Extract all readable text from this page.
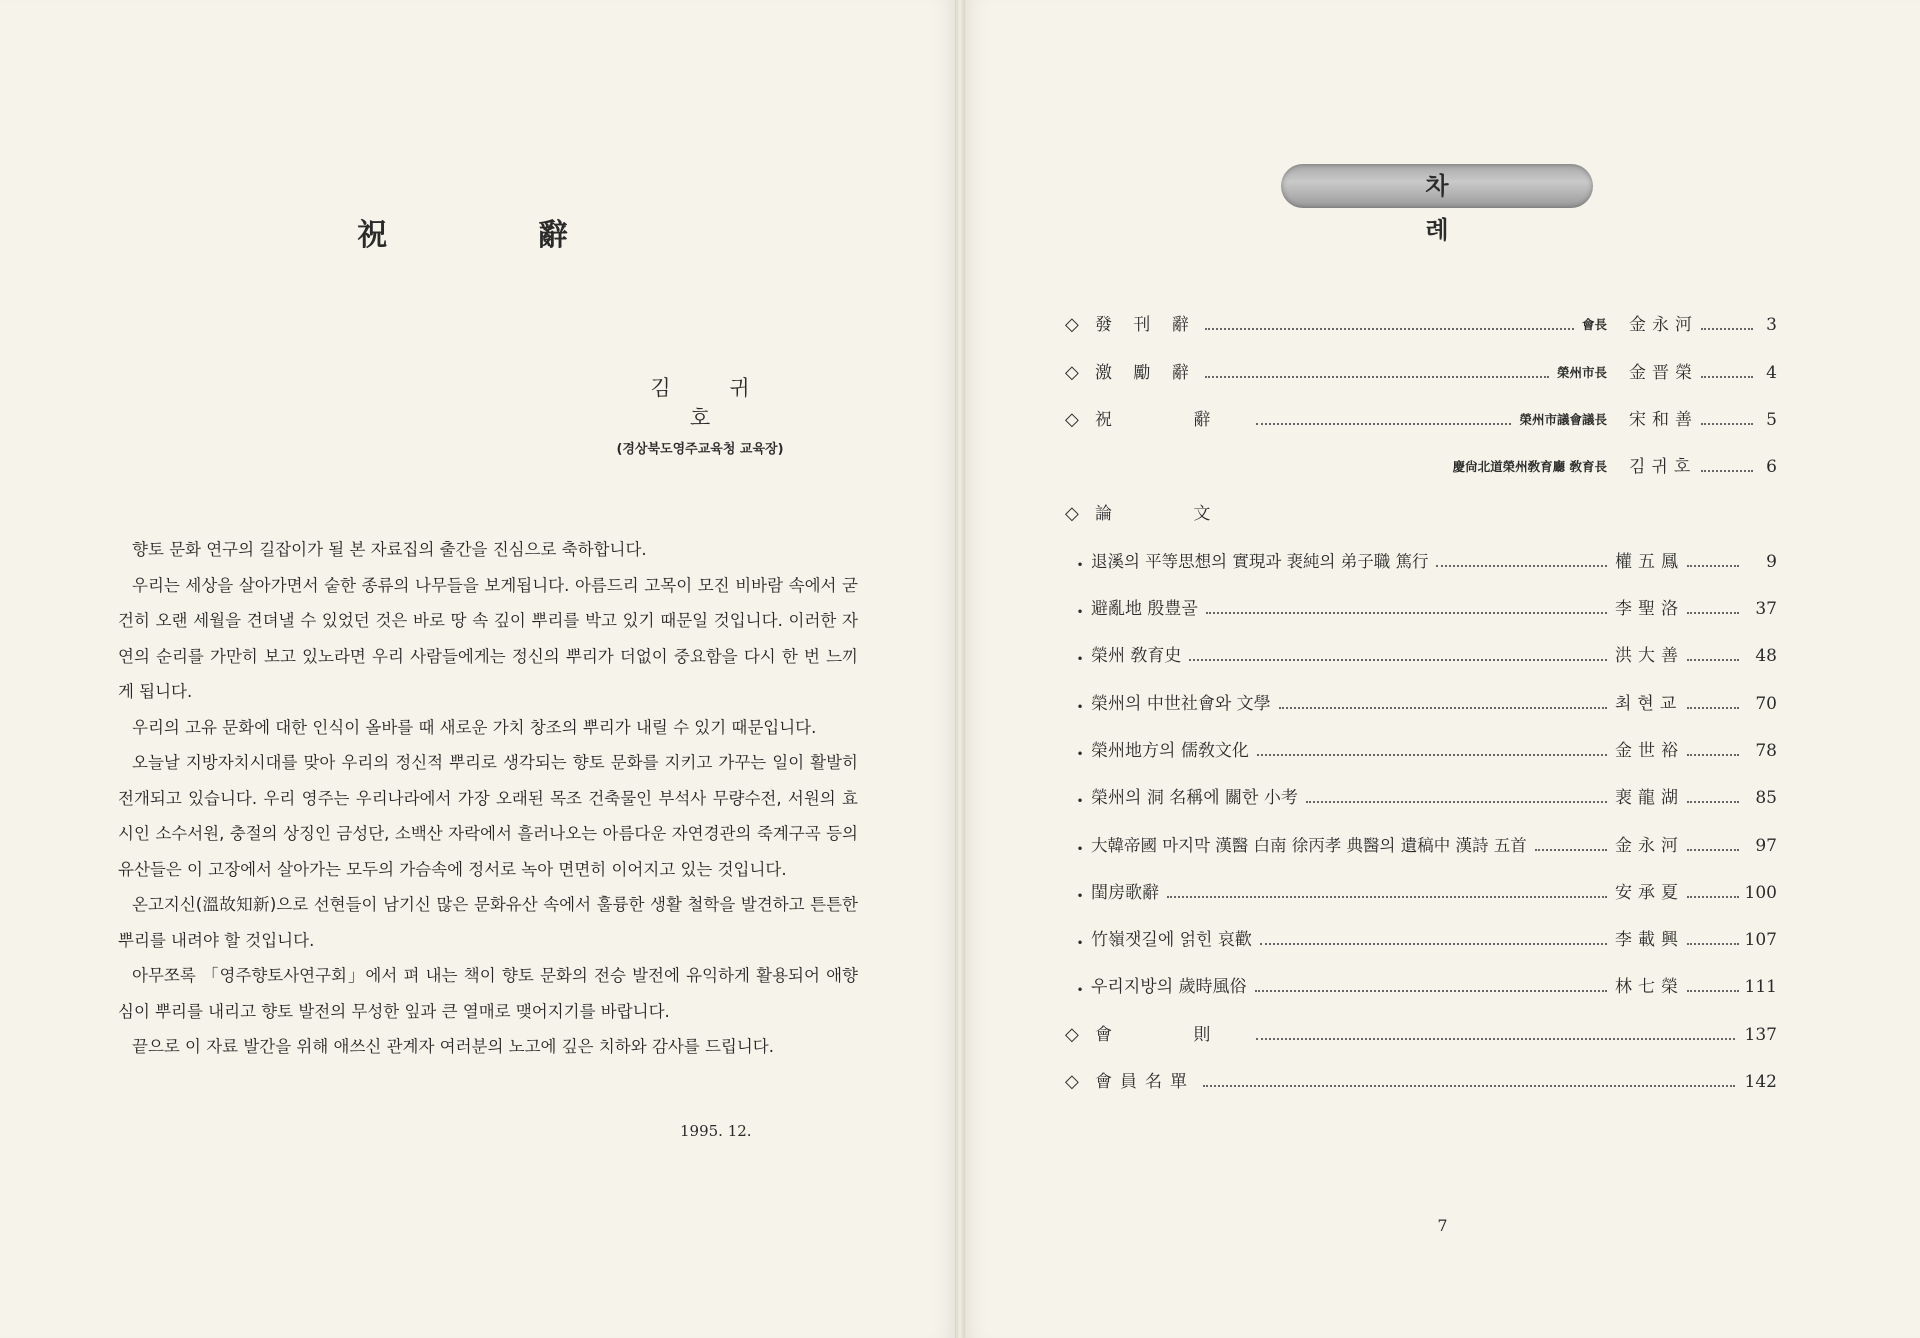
祝 辭
김 귀 호
(경상북도영주교육청 교육장)

향토 문화 연구의 길잡이가 될 본 자료집의 출간을 진심으로 축하합니다.

우리는 세상을 살아가면서 숱한 종류의 나무들을 보게됩니다. 아름드리 고목이 모진 비바람 속에서 굳건히 오랜 세월을 견뎌낼 수 있었던 것은 바로 땅 속 깊이 뿌리를 박고 있기 때문일 것입니다. 이러한 자연의 순리를 가만히 보고 있노라면 우리 사람들에게는 정신의 뿌리가 더없이 중요함을 다시 한 번 느끼게 됩니다.

우리의 고유 문화에 대한 인식이 올바를 때 새로운 가치 창조의 뿌리가 내릴 수 있기 때문입니다.

오늘날 지방자치시대를 맞아 우리의 정신적 뿌리로 생각되는 향토 문화를 지키고 가꾸는 일이 활발히 전개되고 있습니다. 우리 영주는 우리나라에서 가장 오래된 목조 건축물인 부석사 무량수전, 서원의 효시인 소수서원, 충절의 상징인 금성단, 소백산 자락에서 흘러나오는 아름다운 자연경관의 죽계구곡 등의 유산들은 이 고장에서 살아가는 모두의 가슴속에 정서로 녹아 면면히 이어지고 있는 것입니다.

온고지신(溫故知新)으로 선현들이 남기신 많은 문화유산 속에서 훌륭한 생활 철학을 발견하고 튼튼한 뿌리를 내려야 할 것입니다.

아무쪼록 「영주향토사연구회」에서 펴 내는 책이 향토 문화의 전승 발전에 유익하게 활용되어 애향심이 뿌리를 내리고 향토 발전의 무성한 잎과 큰 열매로 맺어지기를 바랍니다.

끝으로 이 자료 발간을 위해 애쓰신 관계자 여러분의 노고에 깊은 치하와 감사를 드립니다.

1995. 12.
차 례
◇ 發 刊 辭	會長 金永河	3
◇ 激 勵 辭	榮州市長 金晋榮	4
◇ 祝 辭	榮州市議會議長 宋和善	5
慶尙北道榮州敎育廳 敎育長 김귀호	6
◇ 論 文
• 退溪의 平等思想의 實現과 裵純의 弟子職 篤行	權五鳳	9
• 避亂地 殷豊골	李聖洛	37
• 榮州 敎育史	洪大善	48
• 榮州의 中世社會와 文學	최현교	70
• 榮州地方의 儒敎文化	金世裕	78
• 榮州의 洞 名稱에 關한 小考	裵龍湖	85
• 大韓帝國 마지막 漢醫 白南 徐丙孝 典醫의 遺稿中 漢詩 五首	金永河	97
• 閨房歌辭	安承夏	100
• 竹嶺잿길에 얽힌 哀歡	李載興	107
• 우리지방의 歲時風俗	林七榮	111
◇ 會 則	137
◇ 會員名單	142
7
